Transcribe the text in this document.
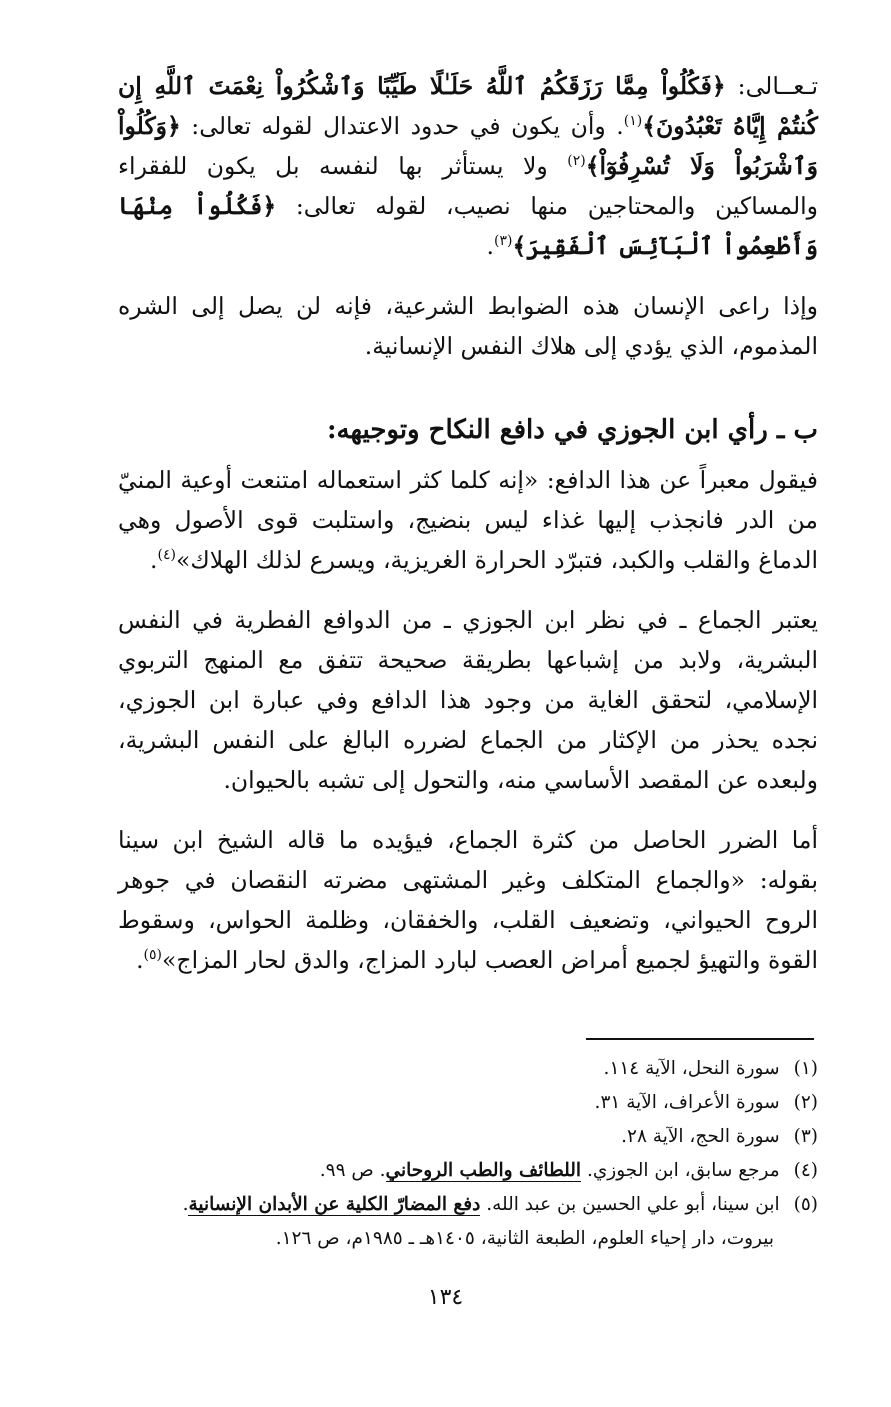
تـعــالى: ﴿فَكُلُواْ مِمَّا رَزَقَكُمُ ٱللَّهُ حَلَـٰلًا طَيِّبًا وَٱشْكُرُواْ نِعْمَتَ ٱللَّهِ إِن كُنتُمْ إِيَّاهُ تَعْبُدُونَ﴾$^{(١)}$. وأن يكون في حدود الاعتدال لقوله تعالى: ﴿وَكُلُواْ وَٱشْرَبُواْ وَلَا تُسْرِفُوٓاْ﴾$^{(٢)}$ ولا يستأثر بها لنفسه بل يكون للفقراء والمساكين والمحتاجين منها نصيب، لقوله تعالى: ﴿فَكُلُواْ مِنْهَا وَأَطْعِمُواْ ٱلْبَآئِسَ ٱلْفَقِيرَ﴾$^{(٣)}$.

وإذا راعى الإنسان هذه الضوابط الشرعية، فإنه لن يصل إلى الشره المذموم، الذي يؤدي إلى هلاك النفس الإنسانية.

ب ـ رأي ابن الجوزي في دافع النكاح وتوجيهه:

فيقول معبراً عن هذا الدافع: «إنه كلما كثر استعماله امتنعت أوعية المنيّ من الدر فانجذب إليها غذاء ليس بنضيج، واستلبت قوى الأصول وهي الدماغ والقلب والكبد، فتبرّد الحرارة الغريزية، ويسرع لذلك الهلاك»$^{(٤)}$.

يعتبر الجماع ـ في نظر ابن الجوزي ـ من الدوافع الفطرية في النفس البشرية، ولابد من إشباعها بطريقة صحيحة تتفق مع المنهج التربوي الإسلامي، لتحقق الغاية من وجود هذا الدافع وفي عبارة ابن الجوزي، نجده يحذر من الإكثار من الجماع لضرره البالغ على النفس البشرية، ولبعده عن المقصد الأساسي منه، والتحول إلى تشبه بالحيوان.

أما الضرر الحاصل من كثرة الجماع، فيؤيده ما قاله الشيخ ابن سينا بقوله: «والجماع المتكلف وغير المشتهى مضرته النقصان في جوهر الروح الحيواني، وتضعيف القلب، والخفقان، وظلمة الحواس، وسقوط القوة والتهيؤ لجميع أمراض العصب لبارد المزاج، والدق لحار المزاج»$^{(٥)}$.

(١)
سورة النحل، الآية ١١٤.
(٢)
سورة الأعراف، الآية ٣١.
(٣)
سورة الحج، الآية ٢٨.
(٤)
مرجع سابق، ابن الجوزي. اللطائف والطب الروحاني. ص ٩٩.
(٥)
ابن سينا، أبو علي الحسين بن عبد الله. دفع المضارّ الكلية عن الأبدان الإنسانية.
بيروت، دار إحياء العلوم، الطبعة الثانية، ١٤٠٥هـ ـ ١٩٨٥م، ص ١٢٦.
١٣٤
